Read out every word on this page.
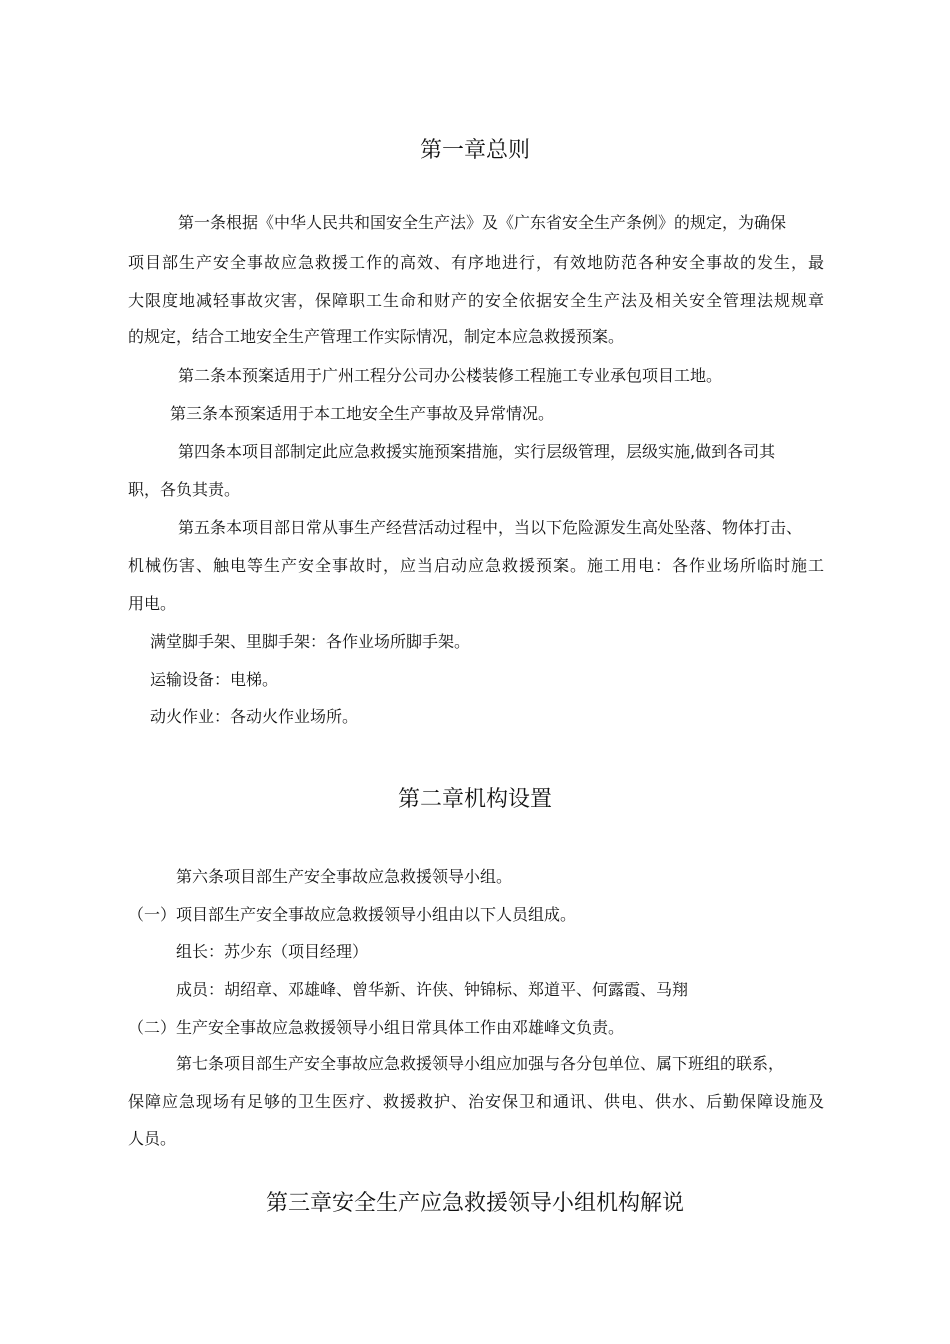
第一章总则

第一条根据《中华人民共和国安全生产法》及《广东省安全生产条例》的规定，为确保

项目部生产安全事故应急救援工作的高效、有序地进行，有效地防范各种安全事故的发生，最

大限度地减轻事故灾害，保障职工生命和财产的安全依据安全生产法及相关安全管理法规规章

的规定，结合工地安全生产管理工作实际情况，制定本应急救援预案。

第二条本预案适用于广州工程分公司办公楼装修工程施工专业承包项目工地。

第三条本预案适用于本工地安全生产事故及异常情况。

第四条本项目部制定此应急救援实施预案措施，实行层级管理，层级实施,做到各司其

职，各负其责。

第五条本项目部日常从事生产经营活动过程中，当以下危险源发生高处坠落、物体打击、

机械伤害、触电等生产安全事故时，应当启动应急救援预案。施工用电：各作业场所临时施工

用电。

满堂脚手架、里脚手架：各作业场所脚手架。

运输设备：电梯。

动火作业：各动火作业场所。

第二章机构设置

第六条项目部生产安全事故应急救援领导小组。

（一）项目部生产安全事故应急救援领导小组由以下人员组成。

组长：苏少东（项目经理）

成员：胡绍章、邓雄峰、曾华新、许侠、钟锦标、郑道平、何露霞、马翔

（二）生产安全事故应急救援领导小组日常具体工作由邓雄峰文负责。

第七条项目部生产安全事故应急救援领导小组应加强与各分包单位、属下班组的联系，

保障应急现场有足够的卫生医疗、救援救护、治安保卫和通讯、供电、供水、后勤保障设施及

人员。

第三章安全生产应急救援领导小组机构解说
